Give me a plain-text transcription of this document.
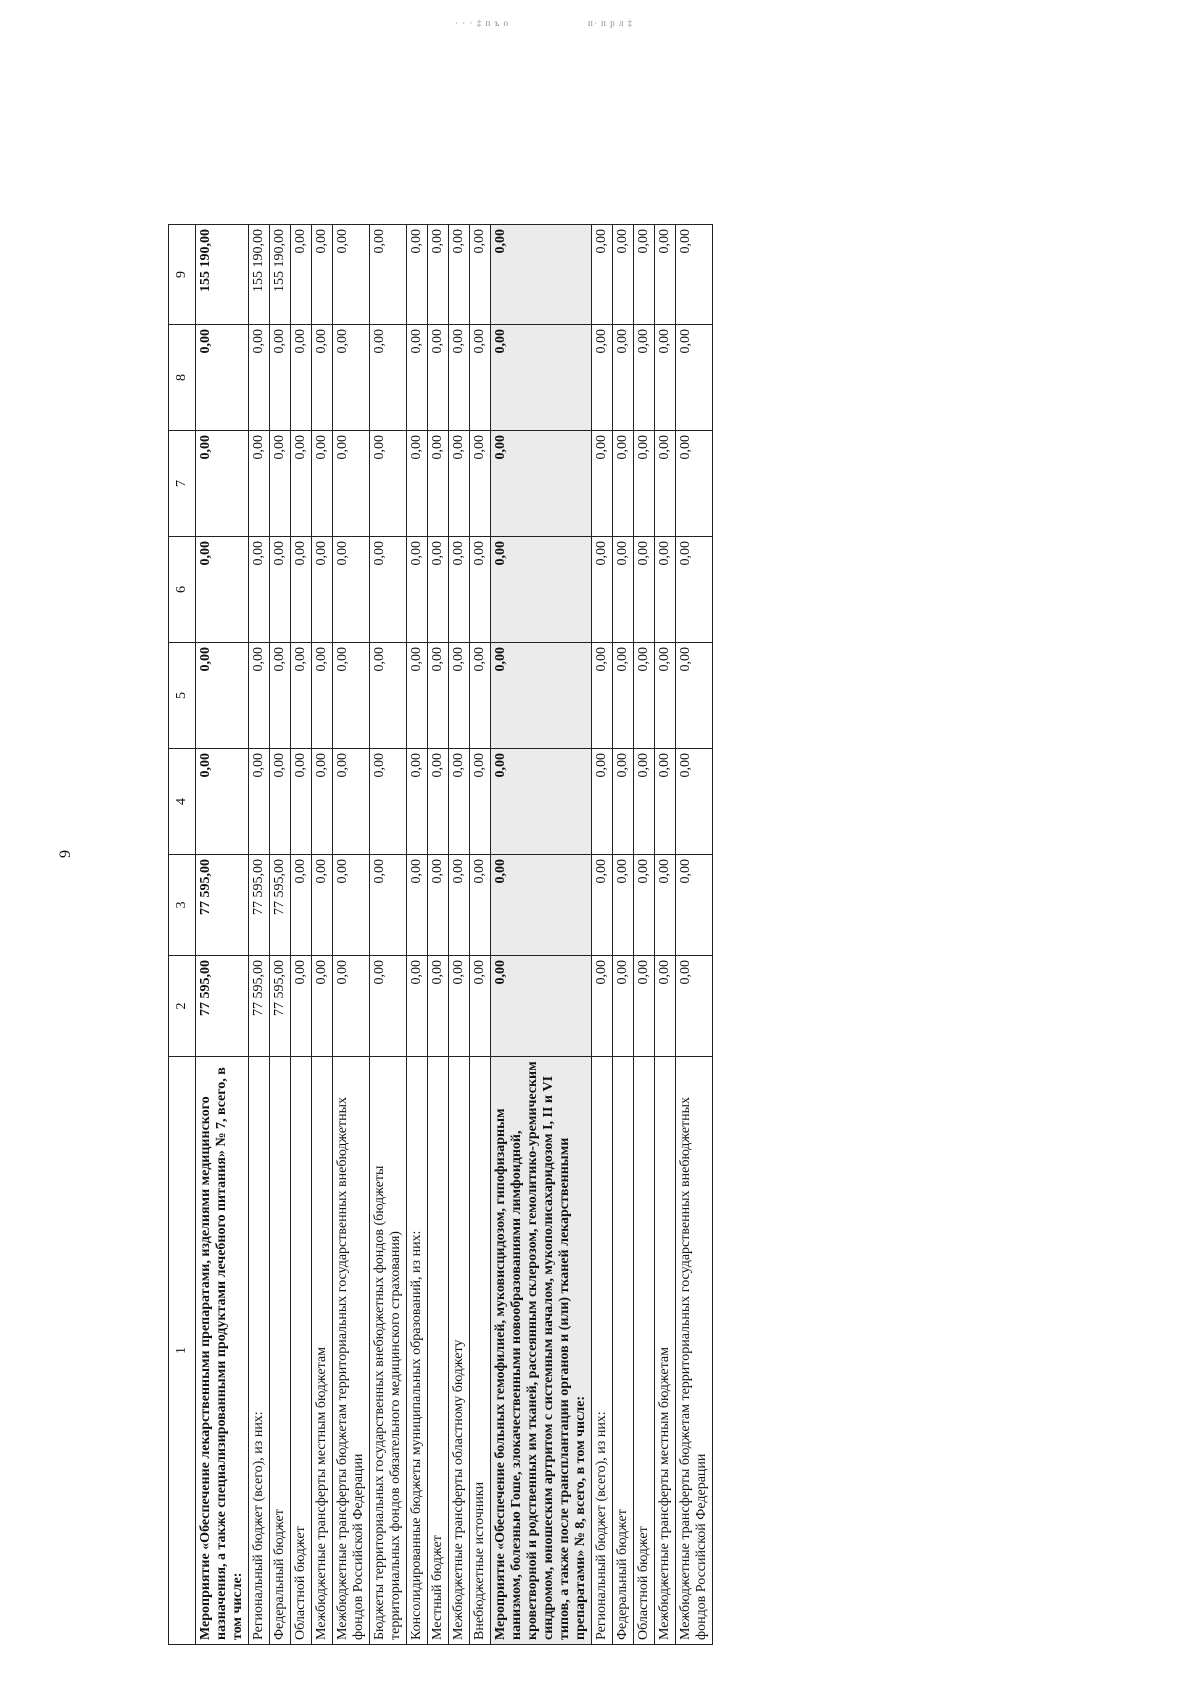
· · · ‡ п ъ о	п· п р л ‡
9
1	2	3	4	5	6	7	8	9
Мероприятие «Обеспечение лекарственными препаратами, изделиями медицинского назначения, а также специализированными продуктами лечебного питания» № 7, всего, в том числе:	77 595,00	77 595,00	0,00	0,00	0,00	0,00	0,00	155 190,00
Региональный бюджет (всего), из них:	77 595,00	77 595,00	0,00	0,00	0,00	0,00	0,00	155 190,00
Федеральный бюджет	77 595,00	77 595,00	0,00	0,00	0,00	0,00	0,00	155 190,00
Областной бюджет	0,00	0,00	0,00	0,00	0,00	0,00	0,00	0,00
Межбюджетные трансферты местным бюджетам	0,00	0,00	0,00	0,00	0,00	0,00	0,00	0,00
Межбюджетные трансферты бюджетам территориальных государственных внебюджетных фондов Российской Федерации	0,00	0,00	0,00	0,00	0,00	0,00	0,00	0,00
Бюджеты территориальных государственных внебюджетных фондов (бюджеты территориальных фондов обязательного медицинского страхования)	0,00	0,00	0,00	0,00	0,00	0,00	0,00	0,00
Консолидированные бюджеты муниципальных образований, из них:	0,00	0,00	0,00	0,00	0,00	0,00	0,00	0,00
Местный бюджет	0,00	0,00	0,00	0,00	0,00	0,00	0,00	0,00
Межбюджетные трансферты областному бюджету	0,00	0,00	0,00	0,00	0,00	0,00	0,00	0,00
Внебюджетные источники	0,00	0,00	0,00	0,00	0,00	0,00	0,00	0,00
Мероприятие «Обеспечение больных гемофилией, муковисцидозом, гипофизарным нанизмом, болезнью Гоше, злокачественными новообразованиями лимфоидной, кроветворной и родственных им тканей, рассеянным склерозом, гемолитико-уремическим синдромом, юношеским артритом с системным началом, мукополисахаридозом I, II и VI типов, а также после трансплантации органов и (или) тканей лекарственными препаратами» № 8, всего, в том числе:	0,00	0,00	0,00	0,00	0,00	0,00	0,00	0,00
Региональный бюджет (всего), из них:	0,00	0,00	0,00	0,00	0,00	0,00	0,00	0,00
Федеральный бюджет	0,00	0,00	0,00	0,00	0,00	0,00	0,00	0,00
Областной бюджет	0,00	0,00	0,00	0,00	0,00	0,00	0,00	0,00
Межбюджетные трансферты местным бюджетам	0,00	0,00	0,00	0,00	0,00	0,00	0,00	0,00
Межбюджетные трансферты бюджетам территориальных государственных внебюджетных фондов Российской Федерации	0,00	0,00	0,00	0,00	0,00	0,00	0,00	0,00
